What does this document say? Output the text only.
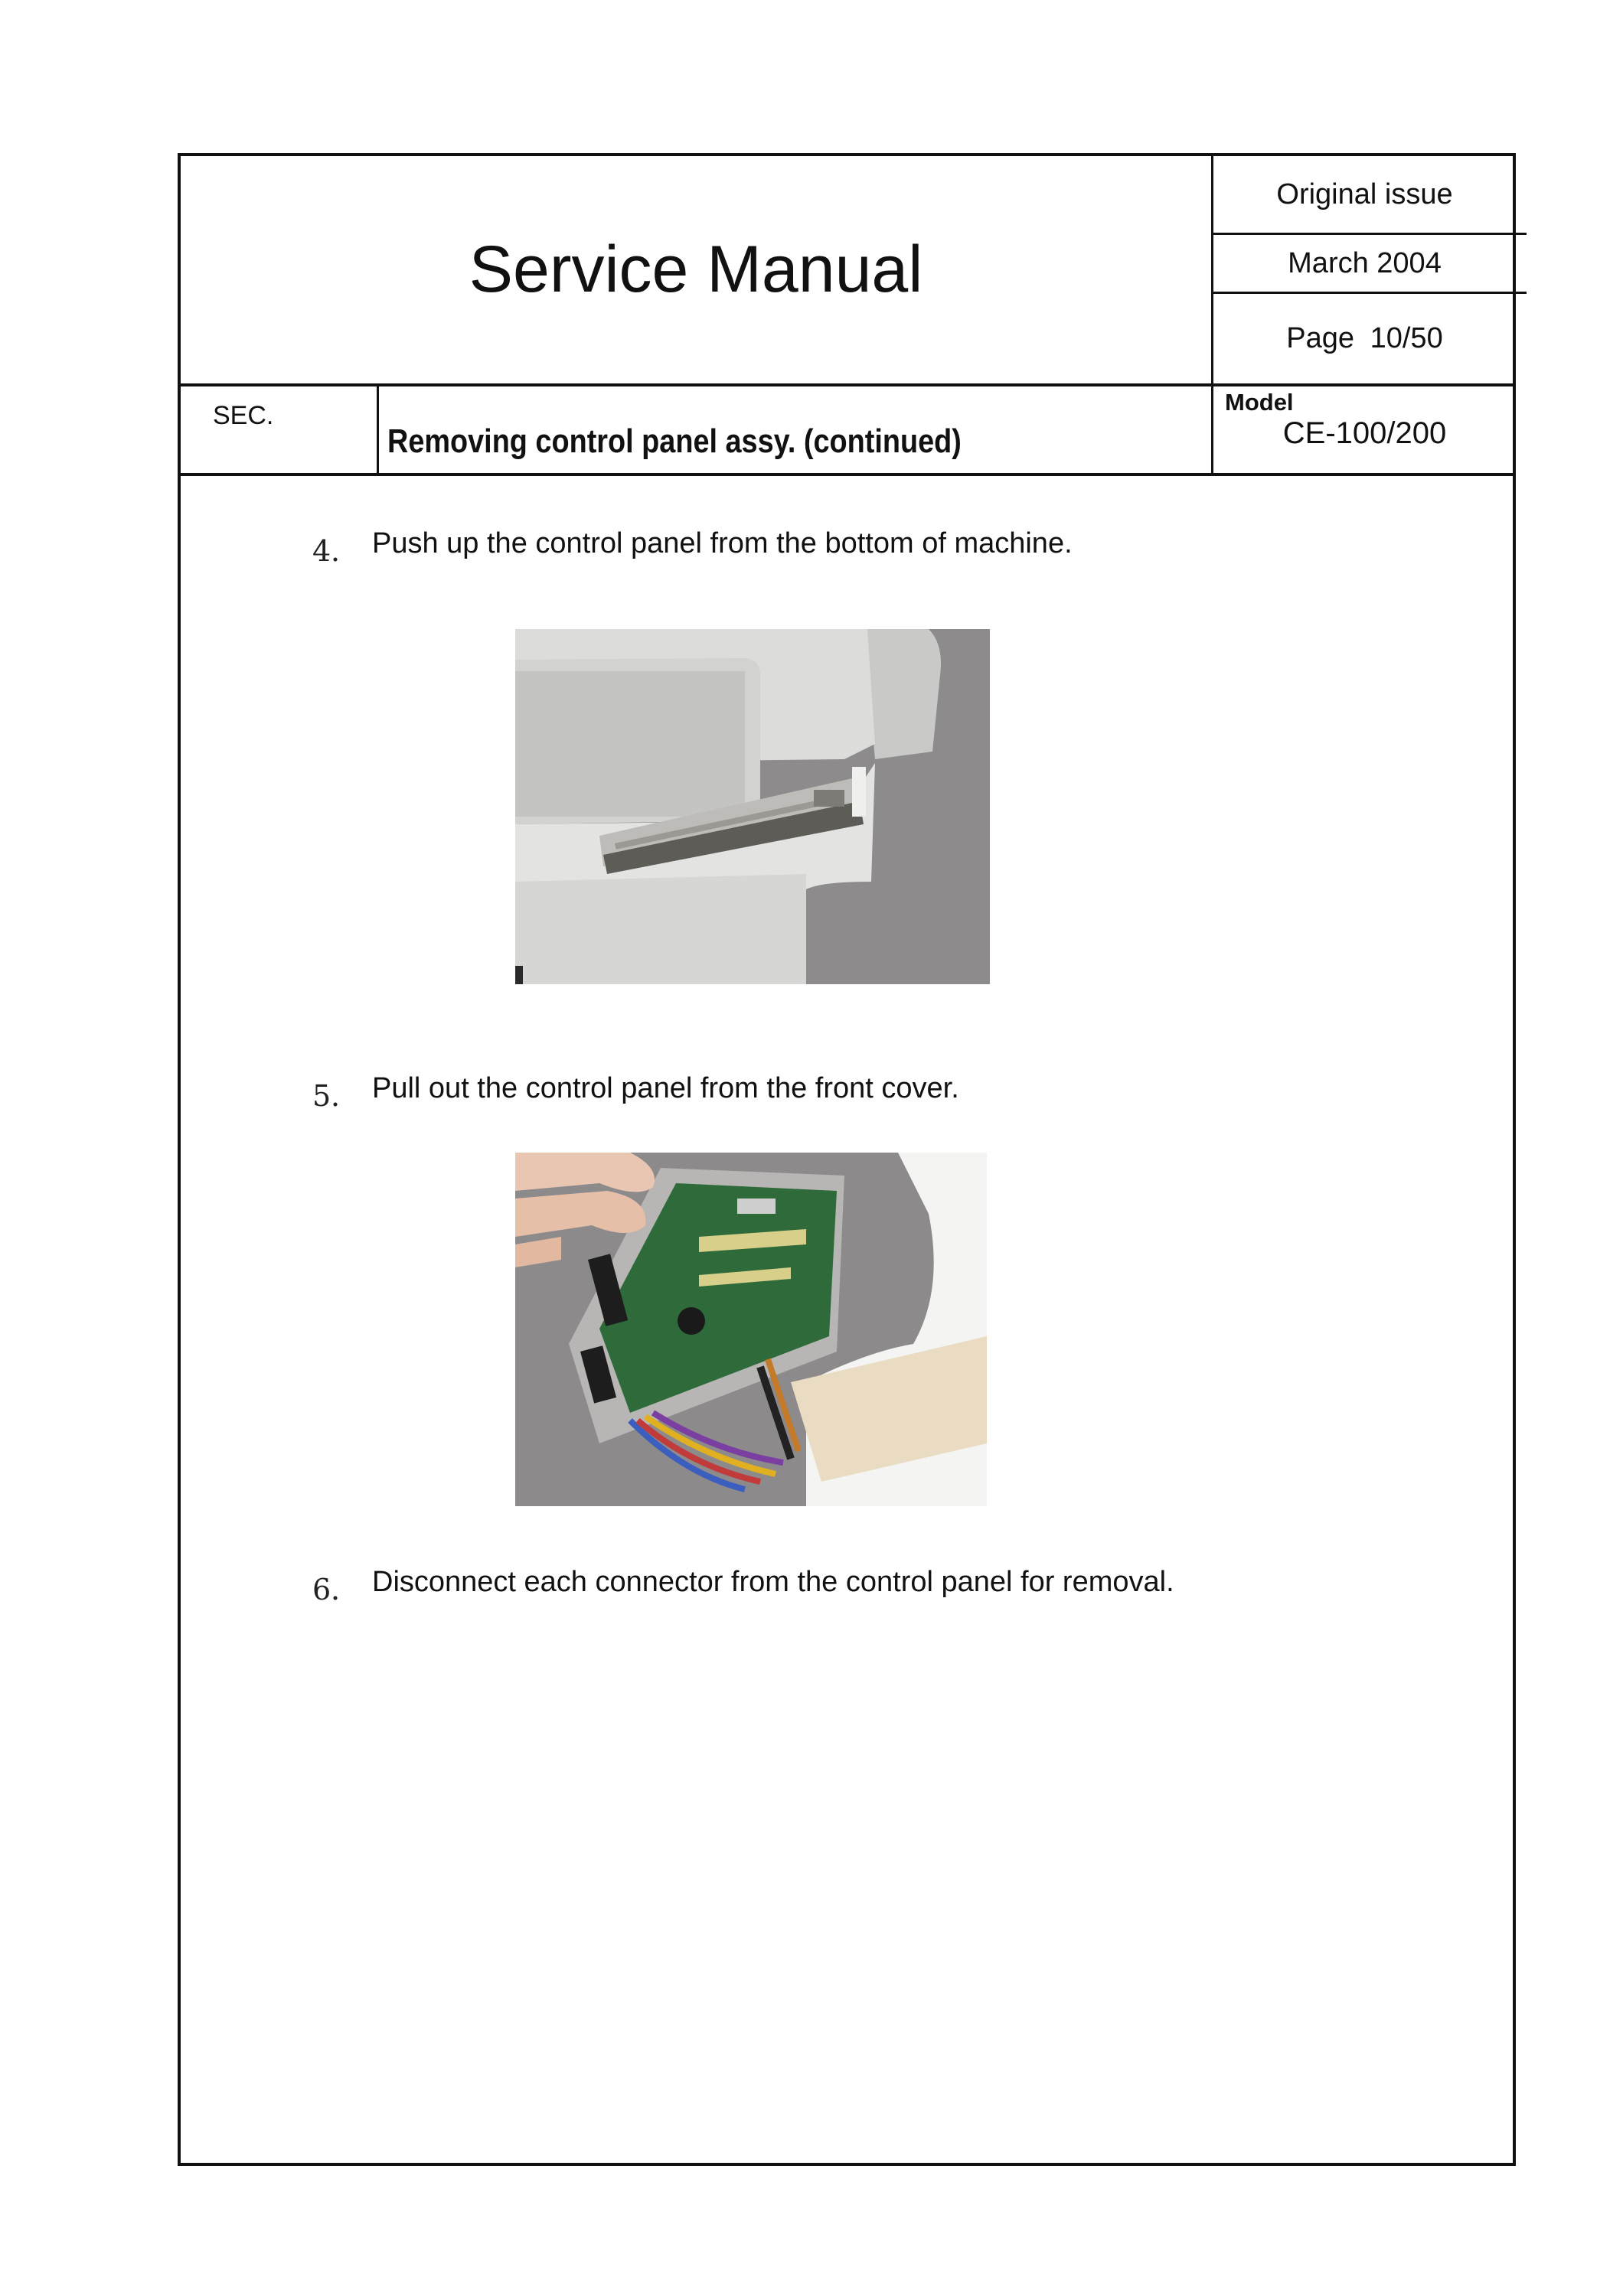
Service Manual
Original issue
March 2004
Page
10/50
SEC.
Removing control panel assy. (continued)
Model
CE-100/200
4． Push up the control panel from the bottom of machine.
5． Pull out the control panel from the front cover.
6． Disconnect each connector from the control panel for removal.
